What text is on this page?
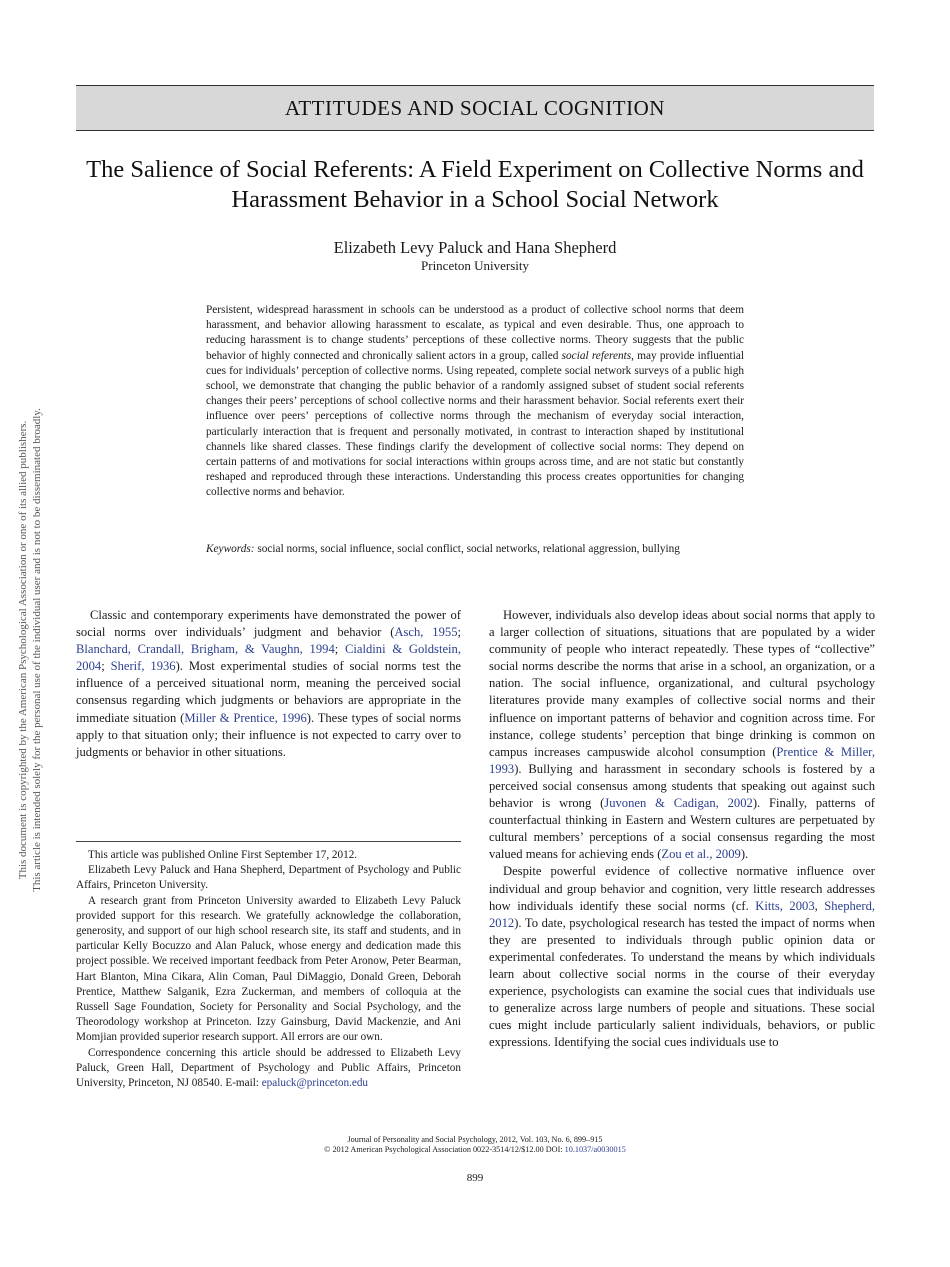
This document is copyrighted by the American Psychological Association or one of its allied publishers. This article is intended solely for the personal use of the individual user and is not to be disseminated broadly.
ATTITUDES AND SOCIAL COGNITION
The Salience of Social Referents: A Field Experiment on Collective Norms and Harassment Behavior in a School Social Network
Elizabeth Levy Paluck and Hana Shepherd
Princeton University

Persistent, widespread harassment in schools can be understood as a product of collective school norms that deem harassment, and behavior allowing harassment to escalate, as typical and even desirable. Thus, one approach to reducing harassment is to change students’ perceptions of these collective norms. Theory suggests that the public behavior of highly connected and chronically salient actors in a group, called social referents, may provide influential cues for individuals’ perception of collective norms. Using repeated, complete social network surveys of a public high school, we demonstrate that changing the public behavior of a randomly assigned subset of student social referents changes their peers’ perceptions of school collective norms and their harassment behavior. Social referents exert their influence over peers’ perceptions of collective norms through the mechanism of everyday social interaction, particularly interaction that is frequent and personally motivated, in contrast to interaction shaped by institutional channels like shared classes. These findings clarify the development of collective social norms: They depend on certain patterns of and motivations for social interactions within groups across time, and are not static but constantly reshaped and reproduced through these interactions. Understanding this process creates opportunities for changing collective norms and behavior.

Keywords: social norms, social influence, social conflict, social networks, relational aggression, bullying

Classic and contemporary experiments have demonstrated the power of social norms over individuals’ judgment and behavior (Asch, 1955; Blanchard, Crandall, Brigham, & Vaughn, 1994; Cialdini & Goldstein, 2004; Sherif, 1936). Most experimental studies of social norms test the influence of a perceived situational norm, meaning the perceived social consensus regarding which judgments or behaviors are appropriate in the immediate situation (Miller & Prentice, 1996). These types of social norms apply to that situation only; their influence is not expected to carry over to judgments or behavior in other situations.

This article was published Online First September 17, 2012.

Elizabeth Levy Paluck and Hana Shepherd, Department of Psychology and Public Affairs, Princeton University.

A research grant from Princeton University awarded to Elizabeth Levy Paluck provided support for this research. We gratefully acknowledge the collaboration, generosity, and support of our high school research site, its staff and students, and in particular Kelly Bocuzzo and Alan Paluck, whose energy and dedication made this project possible. We received important feedback from Peter Aronow, Peter Bearman, Hart Blanton, Mina Cikara, Alin Coman, Paul DiMaggio, Donald Green, Deborah Prentice, Matthew Salganik, Ezra Zuckerman, and members of colloquia at the Russell Sage Foundation, Society for Personality and Social Psychology, and the Theorodology workshop at Princeton. Izzy Gainsburg, David Mackenzie, and Ani Momjian provided superior research support. All errors are our own.

Correspondence concerning this article should be addressed to Elizabeth Levy Paluck, Green Hall, Department of Psychology and Public Affairs, Princeton University, Princeton, NJ 08540. E-mail: epaluck@princeton.edu

However, individuals also develop ideas about social norms that apply to a larger collection of situations, situations that are populated by a wider community of people who interact repeatedly. These types of “collective” social norms describe the norms that arise in a school, an organization, or a nation. The social influence, organizational, and cultural psychology literatures provide many examples of collective social norms and their influence on important patterns of behavior and cognition across time. For instance, college students’ perception that binge drinking is common on campus increases campuswide alcohol consumption (Prentice & Miller, 1993). Bullying and harassment in secondary schools is fostered by a perceived social consensus among students that speaking out against such behavior is wrong (Juvonen & Cadigan, 2002). Finally, patterns of counterfactual thinking in Eastern and Western cultures are perpetuated by cultural members’ perceptions of a social consensus regarding the most valued means for achieving ends (Zou et al., 2009).

Despite powerful evidence of collective normative influence over individual and group behavior and cognition, very little research addresses how individuals identify these social norms (cf. Kitts, 2003, Shepherd, 2012). To date, psychological research has tested the impact of norms when they are presented to individuals through public opinion data or experimental confederates. To understand the means by which individuals learn about collective social norms in the course of their everyday experience, psychologists can examine the social cues that individuals use to generalize across large numbers of people and situations. These social cues might include particularly salient individuals, behaviors, or public expressions. Identifying the social cues individuals use to

Journal of Personality and Social Psychology, 2012, Vol. 103, No. 6, 899–915
© 2012 American Psychological Association 0022-3514/12/$12.00 DOI: 10.1037/a0030015
899
